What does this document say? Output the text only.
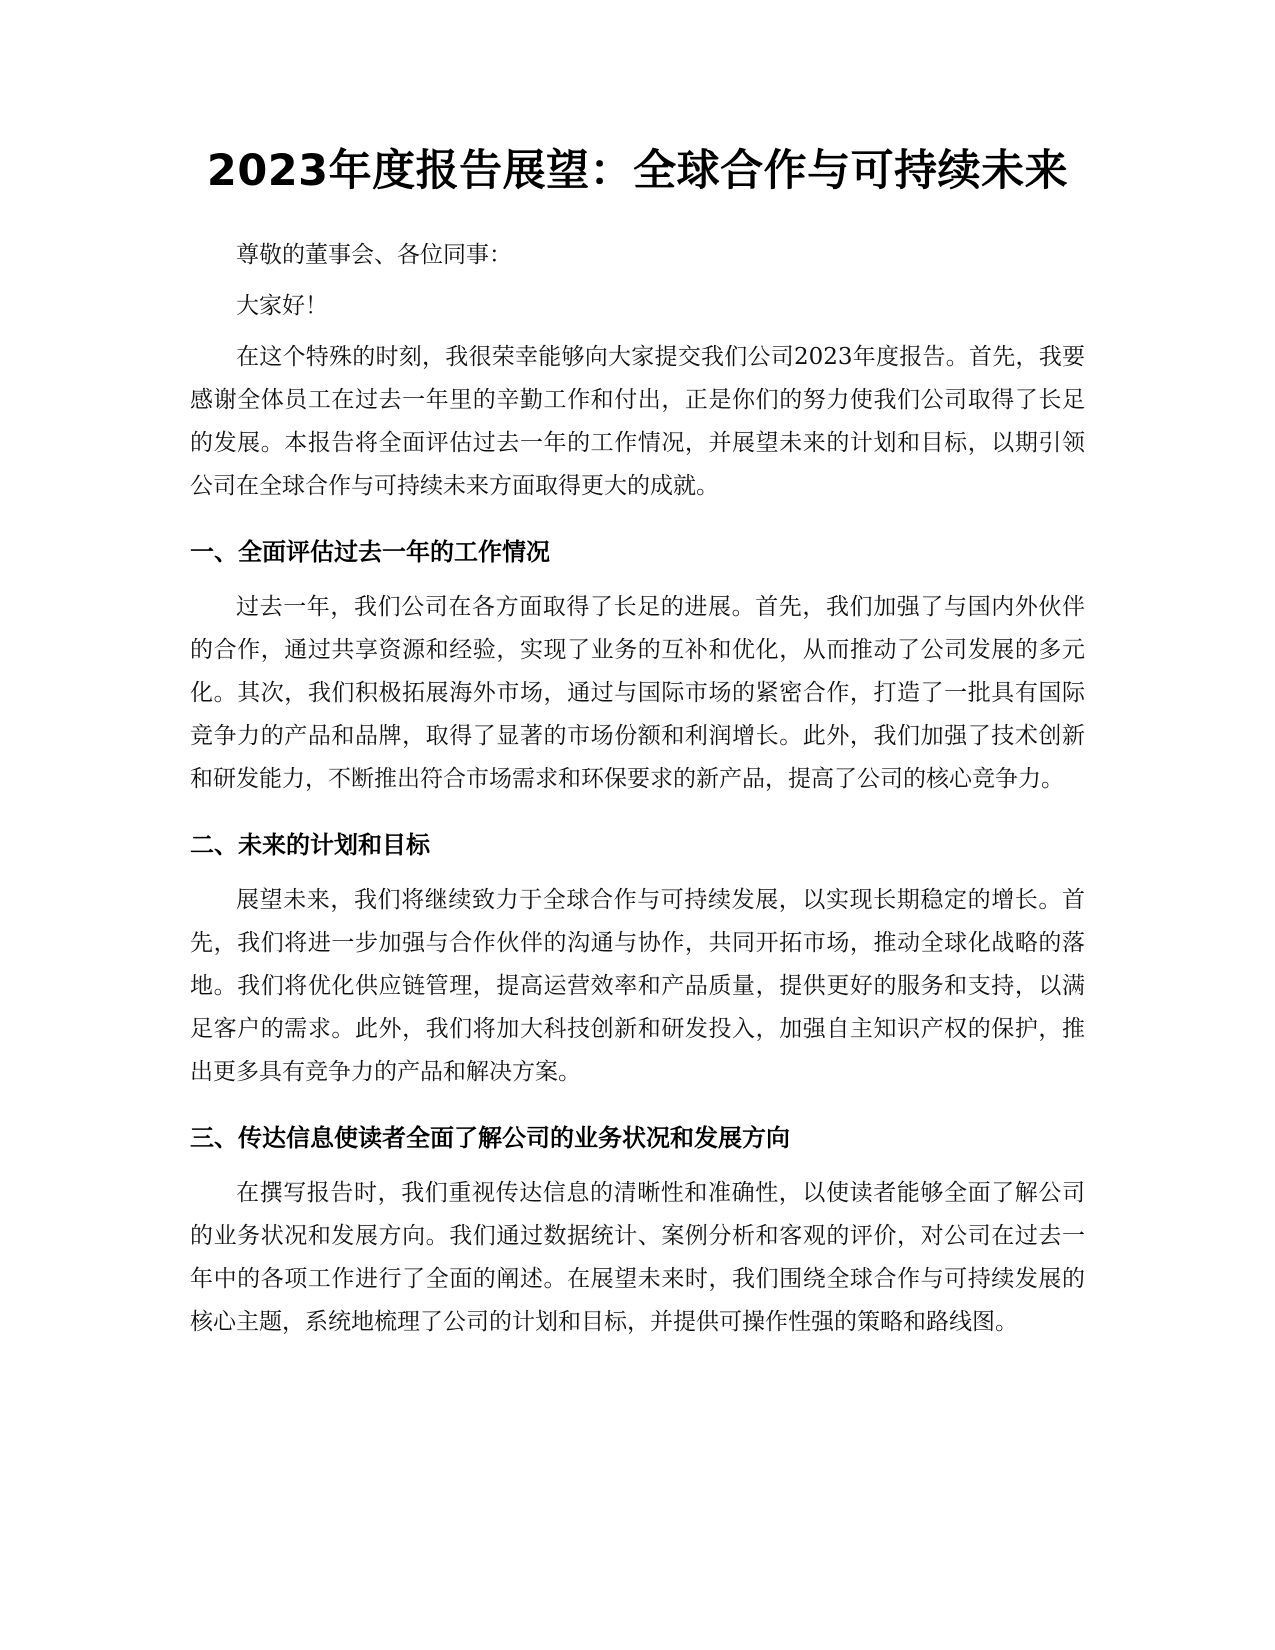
2023年度报告展望：全球合作与可持续未来

尊敬的董事会、各位同事：

大家好！

在这个特殊的时刻，我很荣幸能够向大家提交我们公司2023年度报告。首先，我要感谢全体员工在过去一年里的辛勤工作和付出，正是你们的努力使我们公司取得了长足的发展。本报告将全面评估过去一年的工作情况，并展望未来的计划和目标，以期引领公司在全球合作与可持续未来方面取得更大的成就。

一、全面评估过去一年的工作情况

过去一年，我们公司在各方面取得了长足的进展。首先，我们加强了与国内外伙伴的合作，通过共享资源和经验，实现了业务的互补和优化，从而推动了公司发展的多元化。其次，我们积极拓展海外市场，通过与国际市场的紧密合作，打造了一批具有国际竞争力的产品和品牌，取得了显著的市场份额和利润增长。此外，我们加强了技术创新和研发能力，不断推出符合市场需求和环保要求的新产品，提高了公司的核心竞争力。

二、未来的计划和目标

展望未来，我们将继续致力于全球合作与可持续发展，以实现长期稳定的增长。首先，我们将进一步加强与合作伙伴的沟通与协作，共同开拓市场，推动全球化战略的落地。我们将优化供应链管理，提高运营效率和产品质量，提供更好的服务和支持，以满足客户的需求。此外，我们将加大科技创新和研发投入，加强自主知识产权的保护，推出更多具有竞争力的产品和解决方案。

三、传达信息使读者全面了解公司的业务状况和发展方向

在撰写报告时，我们重视传达信息的清晰性和准确性，以使读者能够全面了解公司的业务状况和发展方向。我们通过数据统计、案例分析和客观的评价，对公司在过去一年中的各项工作进行了全面的阐述。在展望未来时，我们围绕全球合作与可持续发展的核心主题，系统地梳理了公司的计划和目标，并提供可操作性强的策略和路线图。
